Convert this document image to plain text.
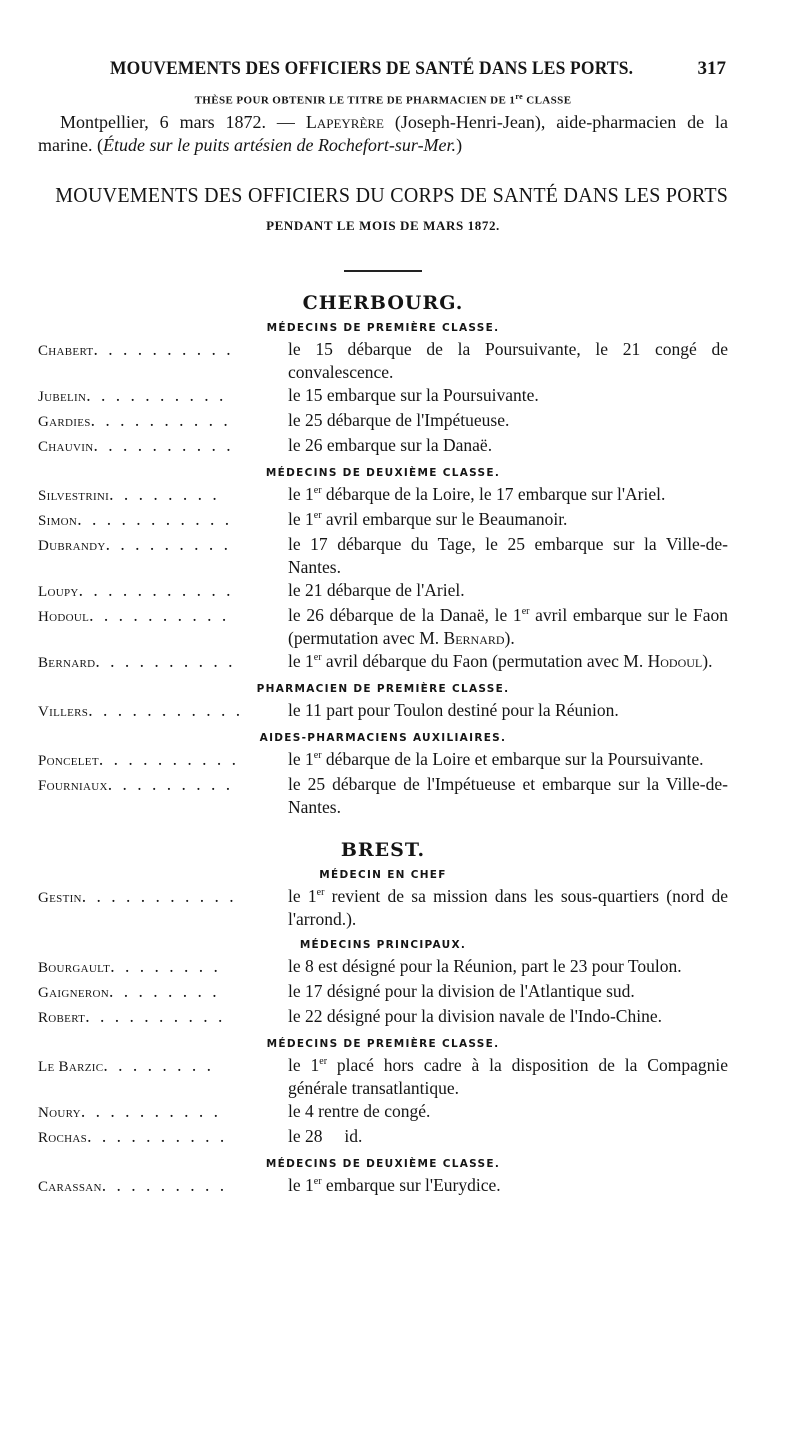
MOUVEMENTS DES OFFICIERS DE SANTÉ DANS LES PORTS.	317
THÈSE POUR OBTENIR LE TITRE DE PHARMACIEN DE 1re CLASSE
Montpellier, 6 mars 1872. — Lapeyrère (Joseph-Henri-Jean), aide-pharmacien de la marine. (Étude sur le puits artésien de Rochefort-sur-Mer.)
MOUVEMENTS DES OFFICIERS DU CORPS DE SANTÉ DANS LES PORTS
PENDANT LE MOIS DE MARS 1872.
CHERBOURG.
MÉDECINS DE PREMIÈRE CLASSE.
Chabert. . . . . . . . . .	le 15 débarque de la Poursuivante, le 21 congé de convalescence.
Jubelin. . . . . . . . . .	le 15 embarque sur la Poursuivante.
Gardies. . . . . . . . . .	le 25 débarque de l'Impétueuse.
Chauvin. . . . . . . . . .	le 26 embarque sur la Danaë.
MÉDECINS DE DEUXIÈME CLASSE.
Silvestrini. . . . . . . .	le 1er débarque de la Loire, le 17 embarque sur l'Ariel.
Simon. . . . . . . . . . .	le 1er avril embarque sur le Beaumanoir.
Dubrandy. . . . . . . . .	le 17 débarque du Tage, le 25 embarque sur la Ville-de-Nantes.
Loupy. . . . . . . . . . .	le 21 débarque de l'Ariel.
Hodoul. . . . . . . . . .	le 26 débarque de la Danaë, le 1er avril embarque sur le Faon (permutation avec M. Bernard).
Bernard. . . . . . . . . .	le 1er avril débarque du Faon (permutation avec M. Hodoul).
PHARMACIEN DE PREMIÈRE CLASSE.
Villers. . . . . . . . . . .	le 11 part pour Toulon destiné pour la Réunion.
AIDES-PHARMACIENS AUXILIAIRES.
Poncelet. . . . . . . . . .	le 1er débarque de la Loire et embarque sur la Poursuivante.
Fourniaux. . . . . . . . .	le 25 débarque de l'Impétueuse et embarque sur la Ville-de-Nantes.
BREST.
MÉDECIN EN CHEF
Gestin. . . . . . . . . . .	le 1er revient de sa mission dans les sous-quartiers (nord de l'arrond.).
MÉDECINS PRINCIPAUX.
Bourgault. . . . . . . .	le 8 est désigné pour la Réunion, part le 23 pour Toulon.
Gaigneron. . . . . . . .	le 17 désigné pour la division de l'Atlantique sud.
Robert. . . . . . . . . .	le 22 désigné pour la division navale de l'Indo-Chine.
MÉDECINS DE PREMIÈRE CLASSE.
Le Barzic. . . . . . . .	le 1er placé hors cadre à la disposition de la Compagnie générale transatlantique.
Noury. . . . . . . . . .	le 4 rentre de congé.
Rochas. . . . . . . . . .	le 28     id.
MÉDECINS DE DEUXIÈME CLASSE.
Carassan. . . . . . . . .	le 1er embarque sur l'Eurydice.
